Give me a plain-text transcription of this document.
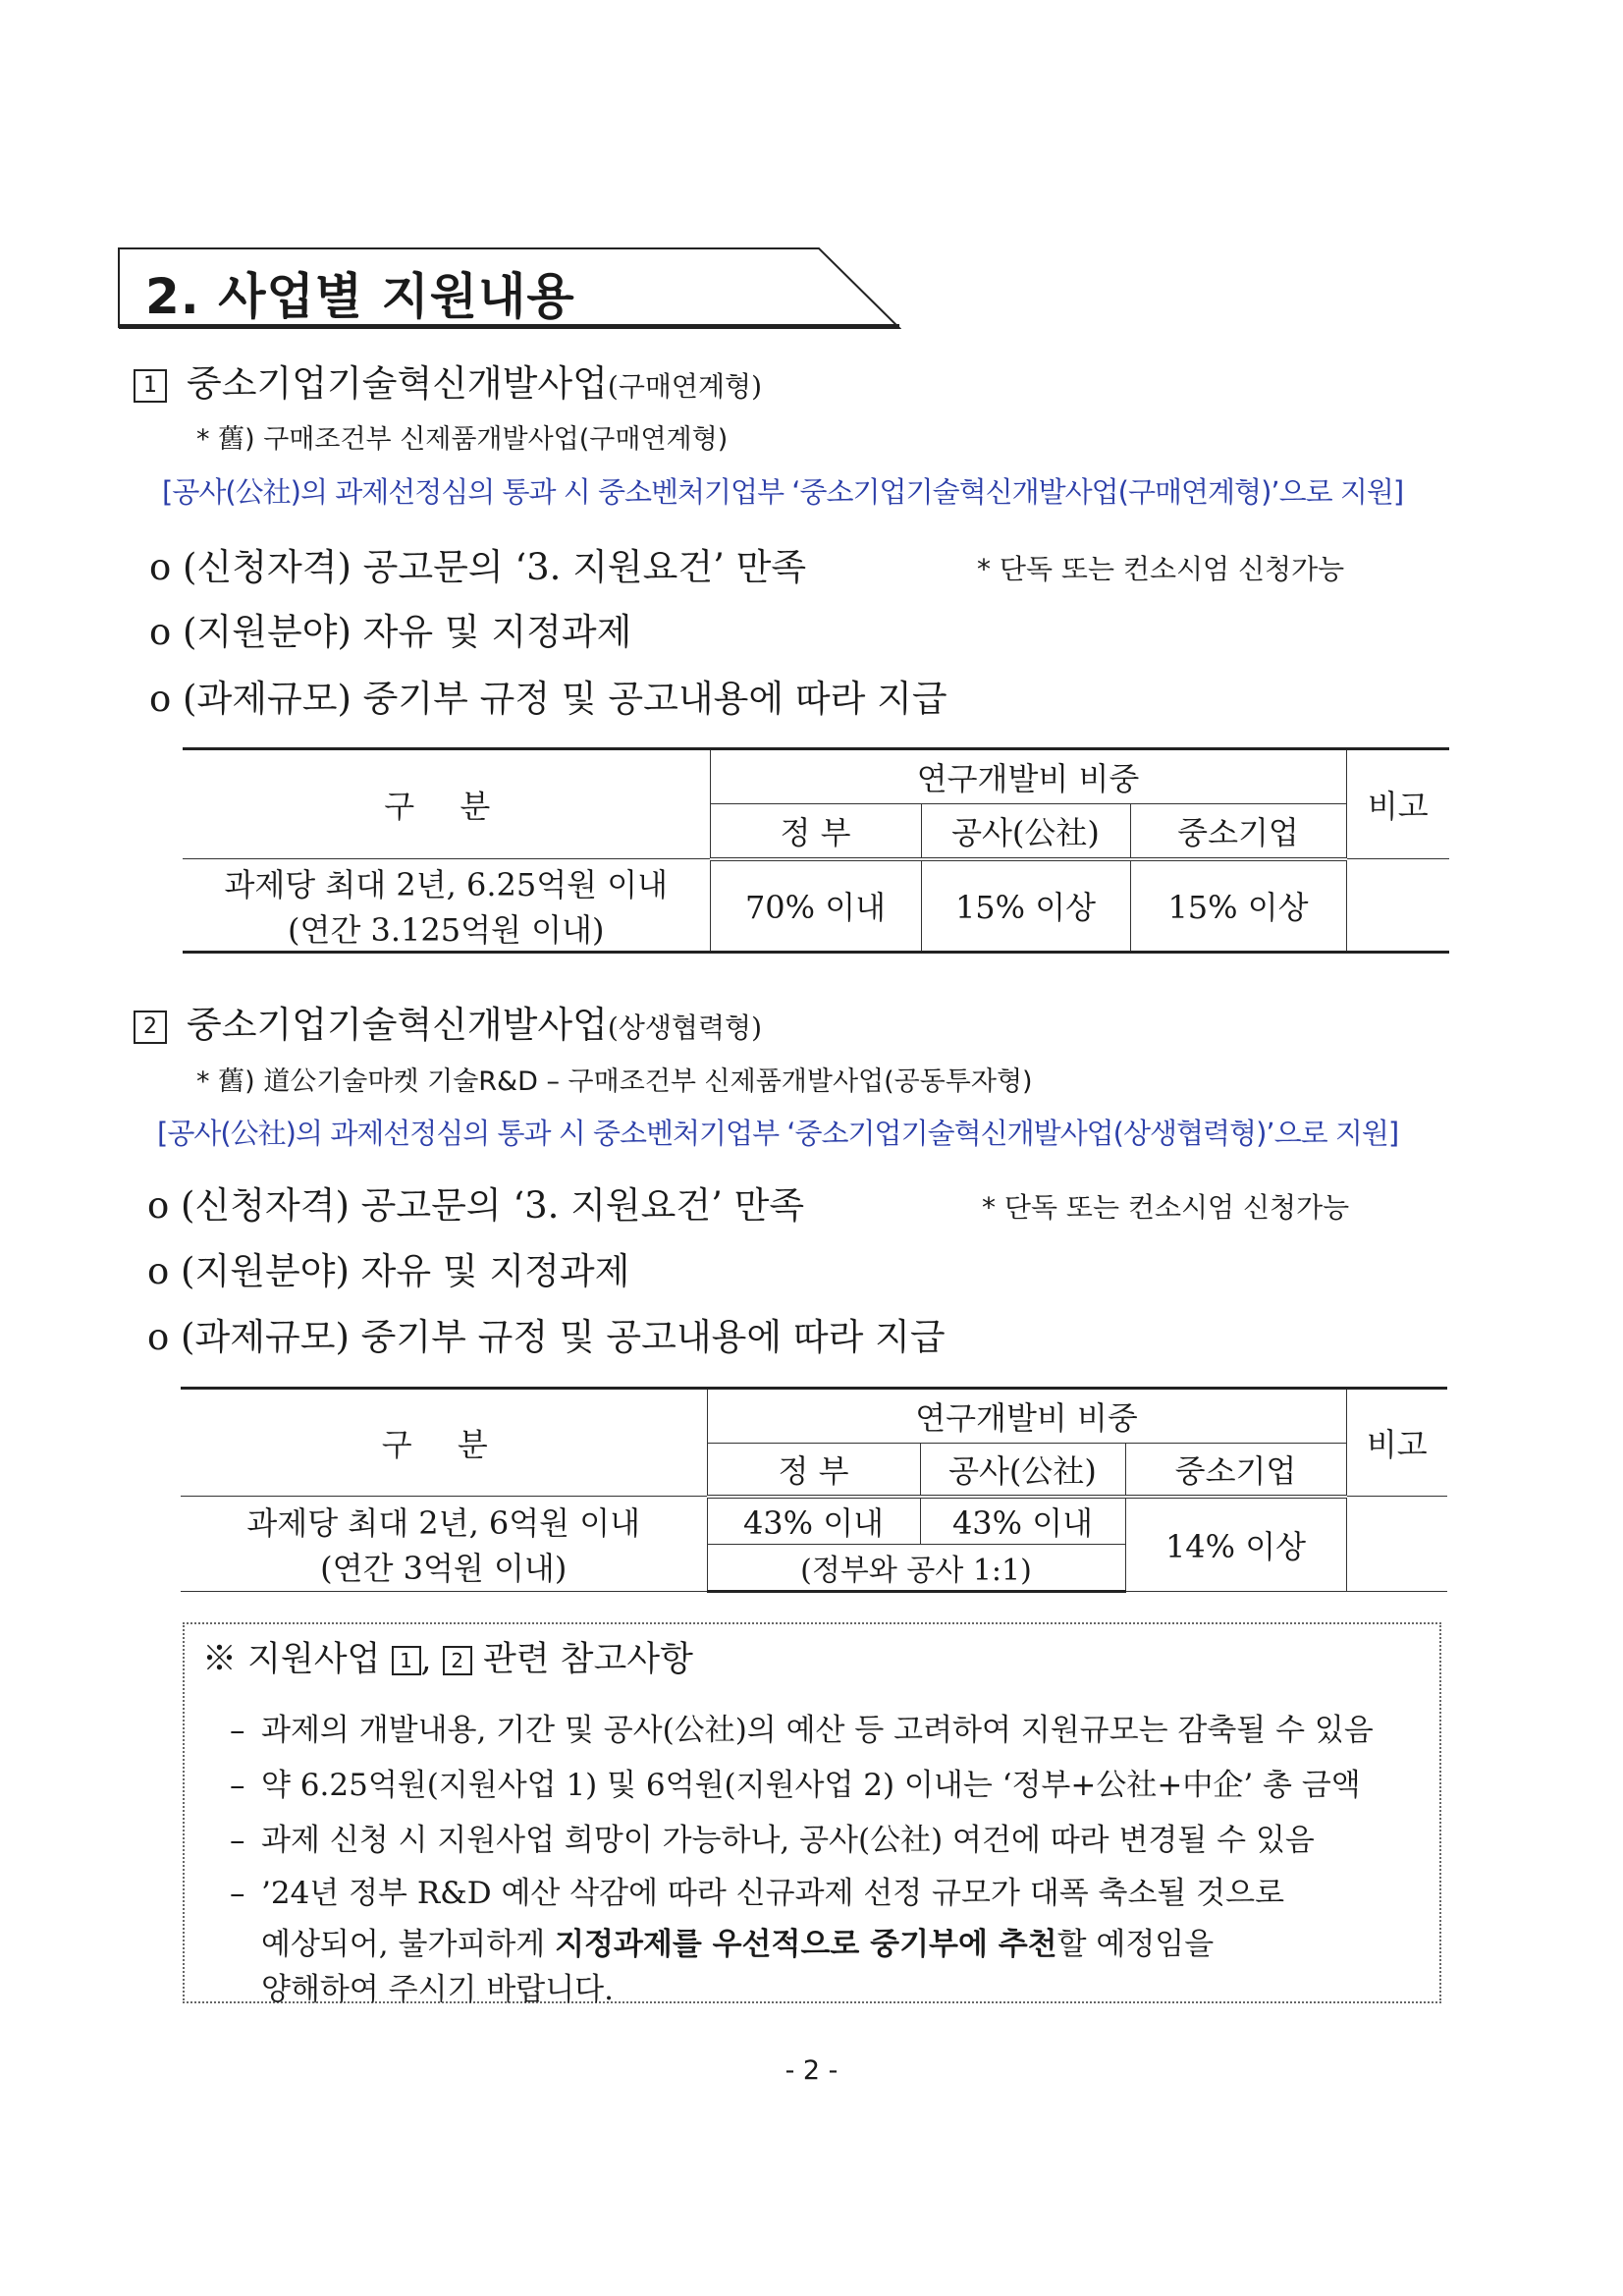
2. 사업별 지원내용
1 중소기업기술혁신개발사업(구매연계형)
* 舊) 구매조건부 신제품개발사업(구매연계형)
[공사(公社)의 과제선정심의 통과 시 중소벤처기업부 ‘중소기업기술혁신개발사업(구매연계형)’으로 지원]
o (신청자격) 공고문의 ‘3. 지원요건’ 만족	* 단독 또는 컨소시엄 신청가능
o (지원분야) 자유 및 지정과제
o (과제규모) 중기부 규정 및 공고내용에 따라 지급
구 분	연구개발비 비중			비고
	정 부	공사(公社)	중소기업	

과제당 최대 2년, 6.25억원 이내
(연간 3.125억원 이내)	70% 이내	15% 이상	15% 이상	
2 중소기업기술혁신개발사업(상생협력형)
* 舊) 道公기술마켓 기술R&D – 구매조건부 신제품개발사업(공동투자형)
[공사(公社)의 과제선정심의 통과 시 중소벤처기업부 ‘중소기업기술혁신개발사업(상생협력형)’으로 지원]
o (신청자격) 공고문의 ‘3. 지원요건’ 만족	* 단독 또는 컨소시엄 신청가능
o (지원분야) 자유 및 지정과제
o (과제규모) 중기부 규정 및 공고내용에 따라 지급
구 분	연구개발비 비중			비고
	정 부	공사(公社)	중소기업	

과제당 최대 2년, 6억원 이내
(연간 3억원 이내)	43% 이내	43% 이내	14% 이상	
	(정부와 공사 1:1)			
※ 지원사업 1 , 2 관련 참고사항
– 과제의 개발내용, 기간 및 공사(公社)의 예산 등 고려하여 지원규모는 감축될 수 있음
– 약 6.25억원(지원사업 1) 및 6억원(지원사업 2) 이내는 ‘정부+公社+中企’ 총 금액
– 과제 신청 시 지원사업 희망이 가능하나, 공사(公社) 여건에 따라 변경될 수 있음
– ’24년 정부 R&D 예산 삭감에 따라 신규과제 선정 규모가 대폭 축소될 것으로
예상되어, 불가피하게 지정과제를 우선적으로 중기부에 추천할 예정임을
양해하여 주시기 바랍니다.
- 2 -
